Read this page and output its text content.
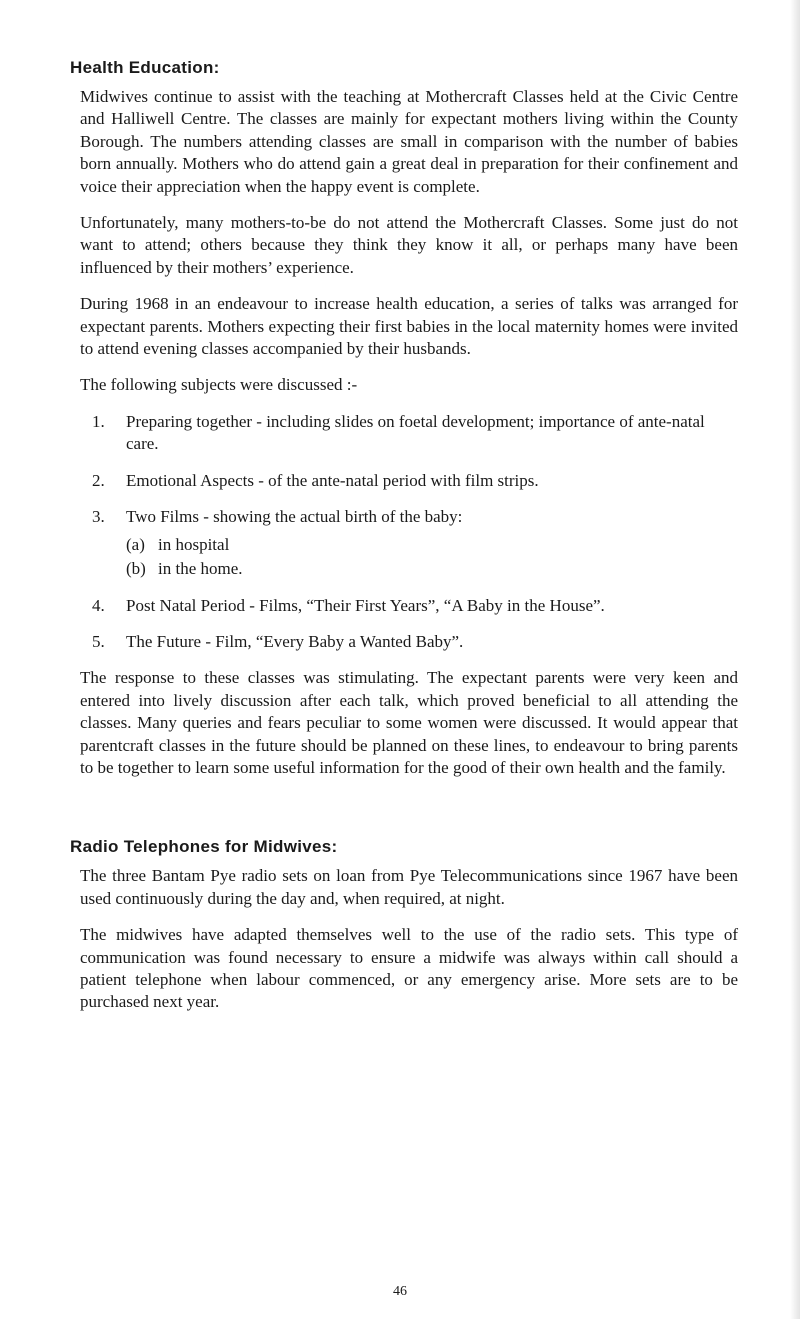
Health Education:

Midwives continue to assist with the teaching at Mothercraft Classes held at the Civic Centre and Halliwell Centre. The classes are mainly for expectant mothers living within the County Borough. The numbers attending classes are small in comparison with the number of babies born annually. Mothers who do attend gain a great deal in preparation for their confinement and voice their appreciation when the happy event is complete.

Unfortunately, many mothers-to-be do not attend the Mothercraft Classes. Some just do not want to attend; others because they think they know it all, or perhaps many have been influenced by their mothers’ experience.

During 1968 in an endeavour to increase health education, a series of talks was arranged for expectant parents. Mothers expecting their first babies in the local maternity homes were invited to attend evening classes accompanied by their husbands.

The following subjects were discussed :-

1.	Preparing together - including slides on foetal development; importance of ante-natal care.
2.	Emotional Aspects - of the ante-natal period with film strips.
3.	Two Films - showing the actual birth of the baby:
(a) in hospital
(b) in the home.
4.	Post Natal Period - Films, “Their First Years”, “A Baby in the House”.
5.	The Future - Film, “Every Baby a Wanted Baby”.

The response to these classes was stimulating. The expectant parents were very keen and entered into lively discussion after each talk, which proved beneficial to all attending the classes. Many queries and fears peculiar to some women were discussed. It would appear that parentcraft classes in the future should be planned on these lines, to endeavour to bring parents to be together to learn some useful information for the good of their own health and the family.

Radio Telephones for Midwives:

The three Bantam Pye radio sets on loan from Pye Telecommunications since 1967 have been used continuously during the day and, when required, at night.

The midwives have adapted themselves well to the use of the radio sets. This type of communication was found necessary to ensure a midwife was always within call should a patient telephone when labour commenced, or any emergency arise. More sets are to be purchased next year.

46
